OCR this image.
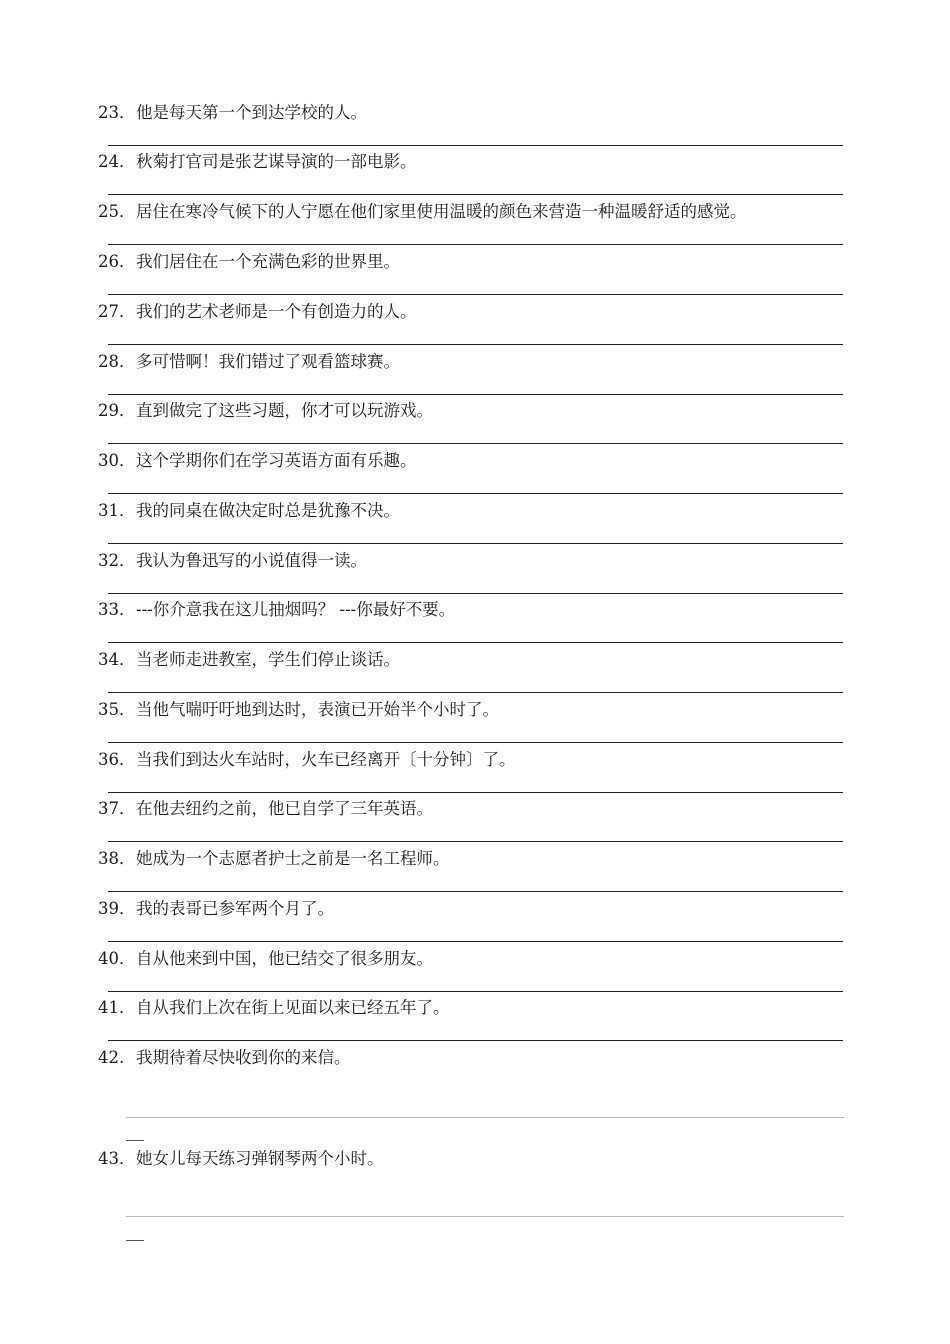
23．他是每天第一个到达学校的人。
24．秋菊打官司是张艺谋导演的一部电影。
25．居住在寒冷气候下的人宁愿在他们家里使用温暖的颜色来营造一种温暖舒适的感觉。
26．我们居住在一个充满色彩的世界里。
27．我们的艺术老师是一个有创造力的人。
28．多可惜啊！我们错过了观看篮球赛。
29．直到做完了这些习题，你才可以玩游戏。
30．这个学期你们在学习英语方面有乐趣。
31．我的同桌在做决定时总是犹豫不决。
32．我认为鲁迅写的小说值得一读。
33．---你介意我在这儿抽烟吗？ ---你最好不要。
34．当老师走进教室，学生们停止谈话。
35．当他气喘吁吁地到达时，表演已开始半个小时了。
36．当我们到达火车站时，火车已经离开〔十分钟〕了。
37．在他去纽约之前，他已自学了三年英语。
38．她成为一个志愿者护士之前是一名工程师。
39．我的表哥已参军两个月了。
40．自从他来到中国，他已结交了很多朋友。
41．自从我们上次在街上见面以来已经五年了。
42. 我期待着尽快收到你的来信。
43．她女儿每天练习弹钢琴两个小时。
